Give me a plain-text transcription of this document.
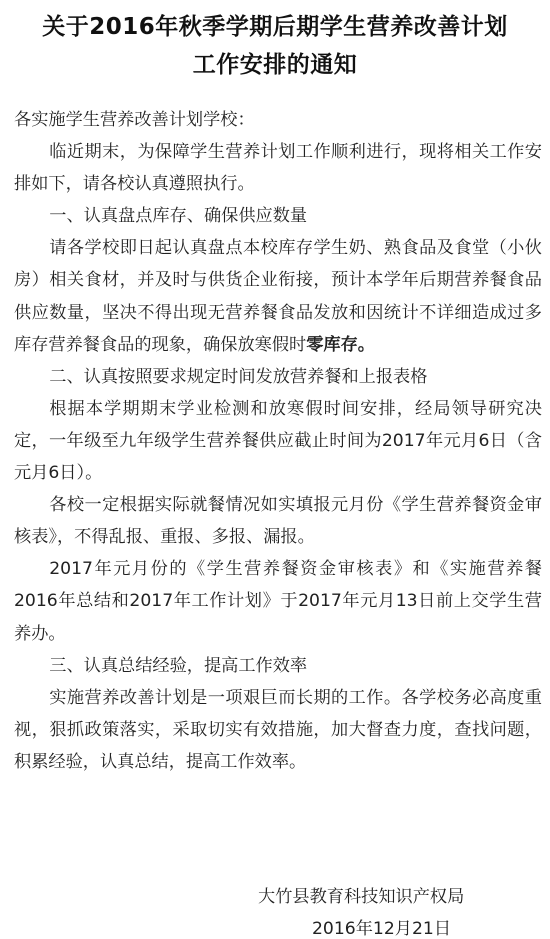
关于2016年秋季学期后期学生营养改善计划
工作安排的通知

各实施学生营养改善计划学校：

临近期末，为保障学生营养计划工作顺利进行，现将相关工作安排如下，请各校认真遵照执行。

一、认真盘点库存、确保供应数量

请各学校即日起认真盘点本校库存学生奶、熟食品及食堂（小伙房）相关食材，并及时与供货企业衔接，预计本学年后期营养餐食品供应数量，坚决不得出现无营养餐食品发放和因统计不详细造成过多库存营养餐食品的现象，确保放寒假时零库存。

二、认真按照要求规定时间发放营养餐和上报表格

根据本学期期末学业检测和放寒假时间安排，经局领导研究决定，一年级至九年级学生营养餐供应截止时间为2017年元月6日（含元月6日）。

各校一定根据实际就餐情况如实填报元月份《学生营养餐资金审核表》，不得乱报、重报、多报、漏报。

2017年元月份的《学生营养餐资金审核表》和《实施营养餐2016年总结和2017年工作计划》于2017年元月13日前上交学生营养办。

三、认真总结经验，提高工作效率

实施营养改善计划是一项艰巨而长期的工作。各学校务必高度重视，狠抓政策落实，采取切实有效措施，加大督查力度，查找问题，积累经验，认真总结，提高工作效率。

大竹县教育科技知识产权局
2016年12月21日
